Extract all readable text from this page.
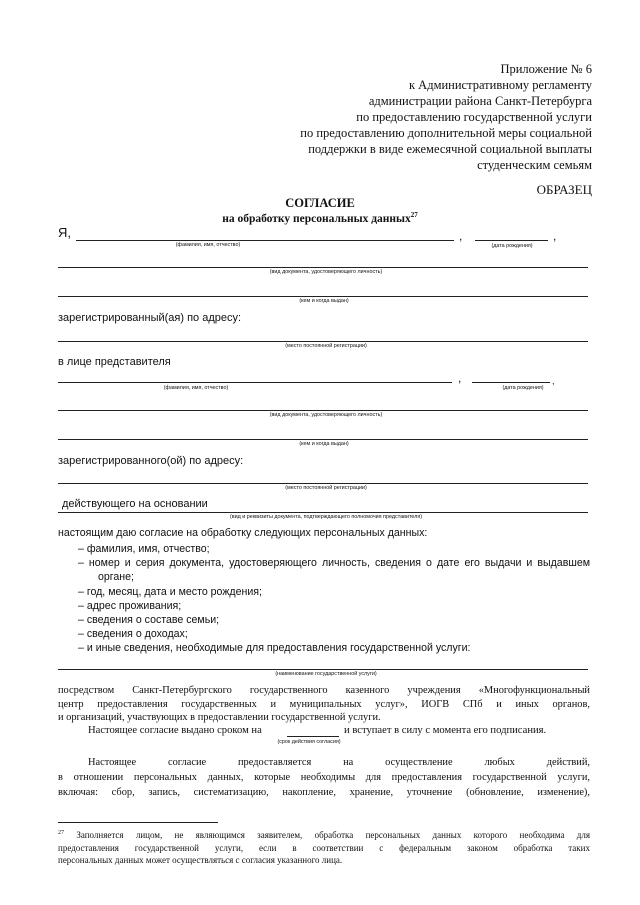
Приложение № 6
к Административному регламенту
администрации района Санкт-Петербурга
по предоставлению государственной услуги
по предоставлению дополнительной меры социальной
поддержки в виде ежемесячной социальной выплаты
студенческим семьям
ОБРАЗЕЦ
СОГЛАСИЕ
на обработку персональных данных$^{27}$
Я,	,	,
(фамилия, имя, отчество)	(дата рождения)
(вид документа, удостоверяющего личность)
(кем и когда выдан)
зарегистрированный(ая) по адресу:
(место постоянной регистрации)
в лице представителя
,	,
(фамилия, имя, отчество)	(дата рождения)
(вид документа, удостоверяющего личность)
(кем и когда выдан)
зарегистрированного(ой) по адресу:
(место постоянной регистрации)
действующего на основании
(вид и реквизиты документа, подтверждающего полномочия представителя)
настоящим даю согласие на обработку следующих персональных данных:
– фамилия, имя, отчество;
– номер и серия документа, удостоверяющего личность, сведения о дате его выдачи и выдавшем
органе;
– год, месяц, дата и место рождения;
– адрес проживания;
– сведения о составе семьи;
– сведения о доходах;
– и иные сведения, необходимые для предоставления государственной услуги:
(наименование государственной услуги)
посредством Санкт-Петербургского государственного казенного учреждения «Многофункциональный
центр предоставления государственных и муниципальных услуг», ИОГВ СПб и иных органов,
и организаций, участвующих в предоставлении государственной услуги.
Настоящее согласие выдано сроком на	и вступает в силу с момента его подписания.
(срок действия согласия)
Настоящее согласие предоставляется на осуществление любых действий,
в отношении персональных данных, которые необходимы для предоставления государственной услуги,
включая: сбор, запись, систематизацию, накопление, хранение, уточнение (обновление, изменение),
$^{27}$ Заполняется лицом, не являющимся заявителем, обработка персональных данных которого необходима для
предоставления государственной услуги, если в соответствии с федеральным законом обработка таких
персональных данных может осуществляться с согласия указанного лица.
